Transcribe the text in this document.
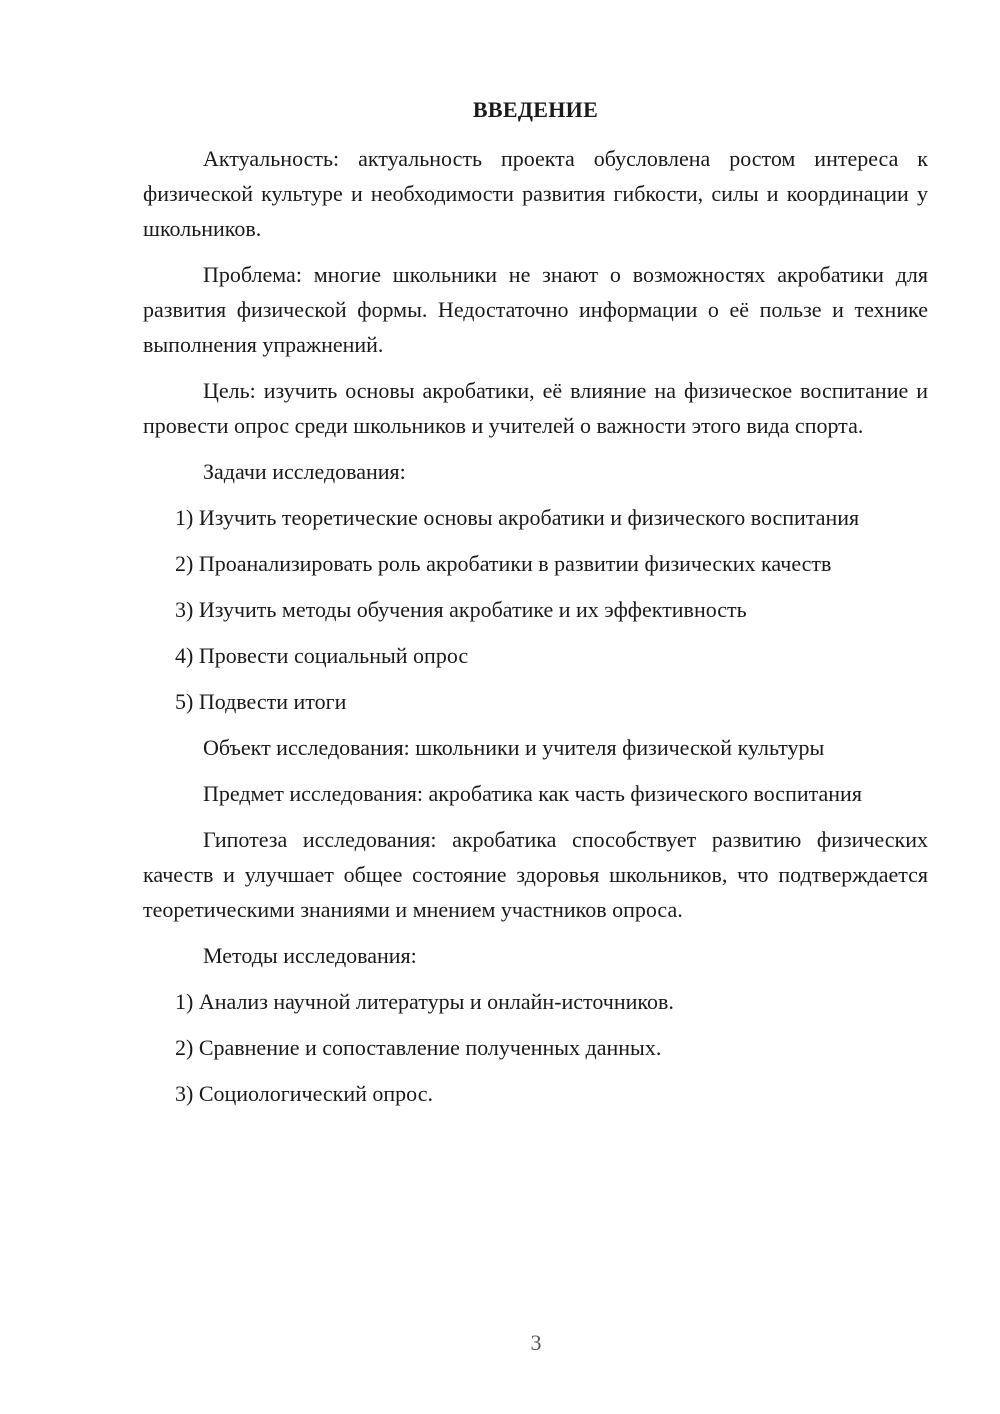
ВВЕДЕНИЕ

Актуальность: актуальность проекта обусловлена ростом интереса к физической культуре и необходимости развития гибкости, силы и координации у школьников.

Проблема: многие школьники не знают о возможностях акробатики для развития физической формы. Недостаточно информации о её пользе и технике выполнения упражнений.

Цель: изучить основы акробатики, её влияние на физическое воспитание и провести опрос среди школьников и учителей о важности этого вида спорта.

Задачи исследования:

1) Изучить теоретические основы акробатики и физического воспитания

2) Проанализировать роль акробатики в развитии физических качеств

3) Изучить методы обучения акробатике и их эффективность

4) Провести социальный опрос

5) Подвести итоги

Объект исследования: школьники и учителя физической культуры

Предмет исследования: акробатика как часть физического воспитания

Гипотеза исследования: акробатика способствует развитию физических качеств и улучшает общее состояние здоровья школьников, что подтверждается теоретическими знаниями и мнением участников опроса.

Методы исследования:

1) Анализ научной литературы и онлайн-источников.

2) Сравнение и сопоставление полученных данных.

3) Социологический опрос.

3
